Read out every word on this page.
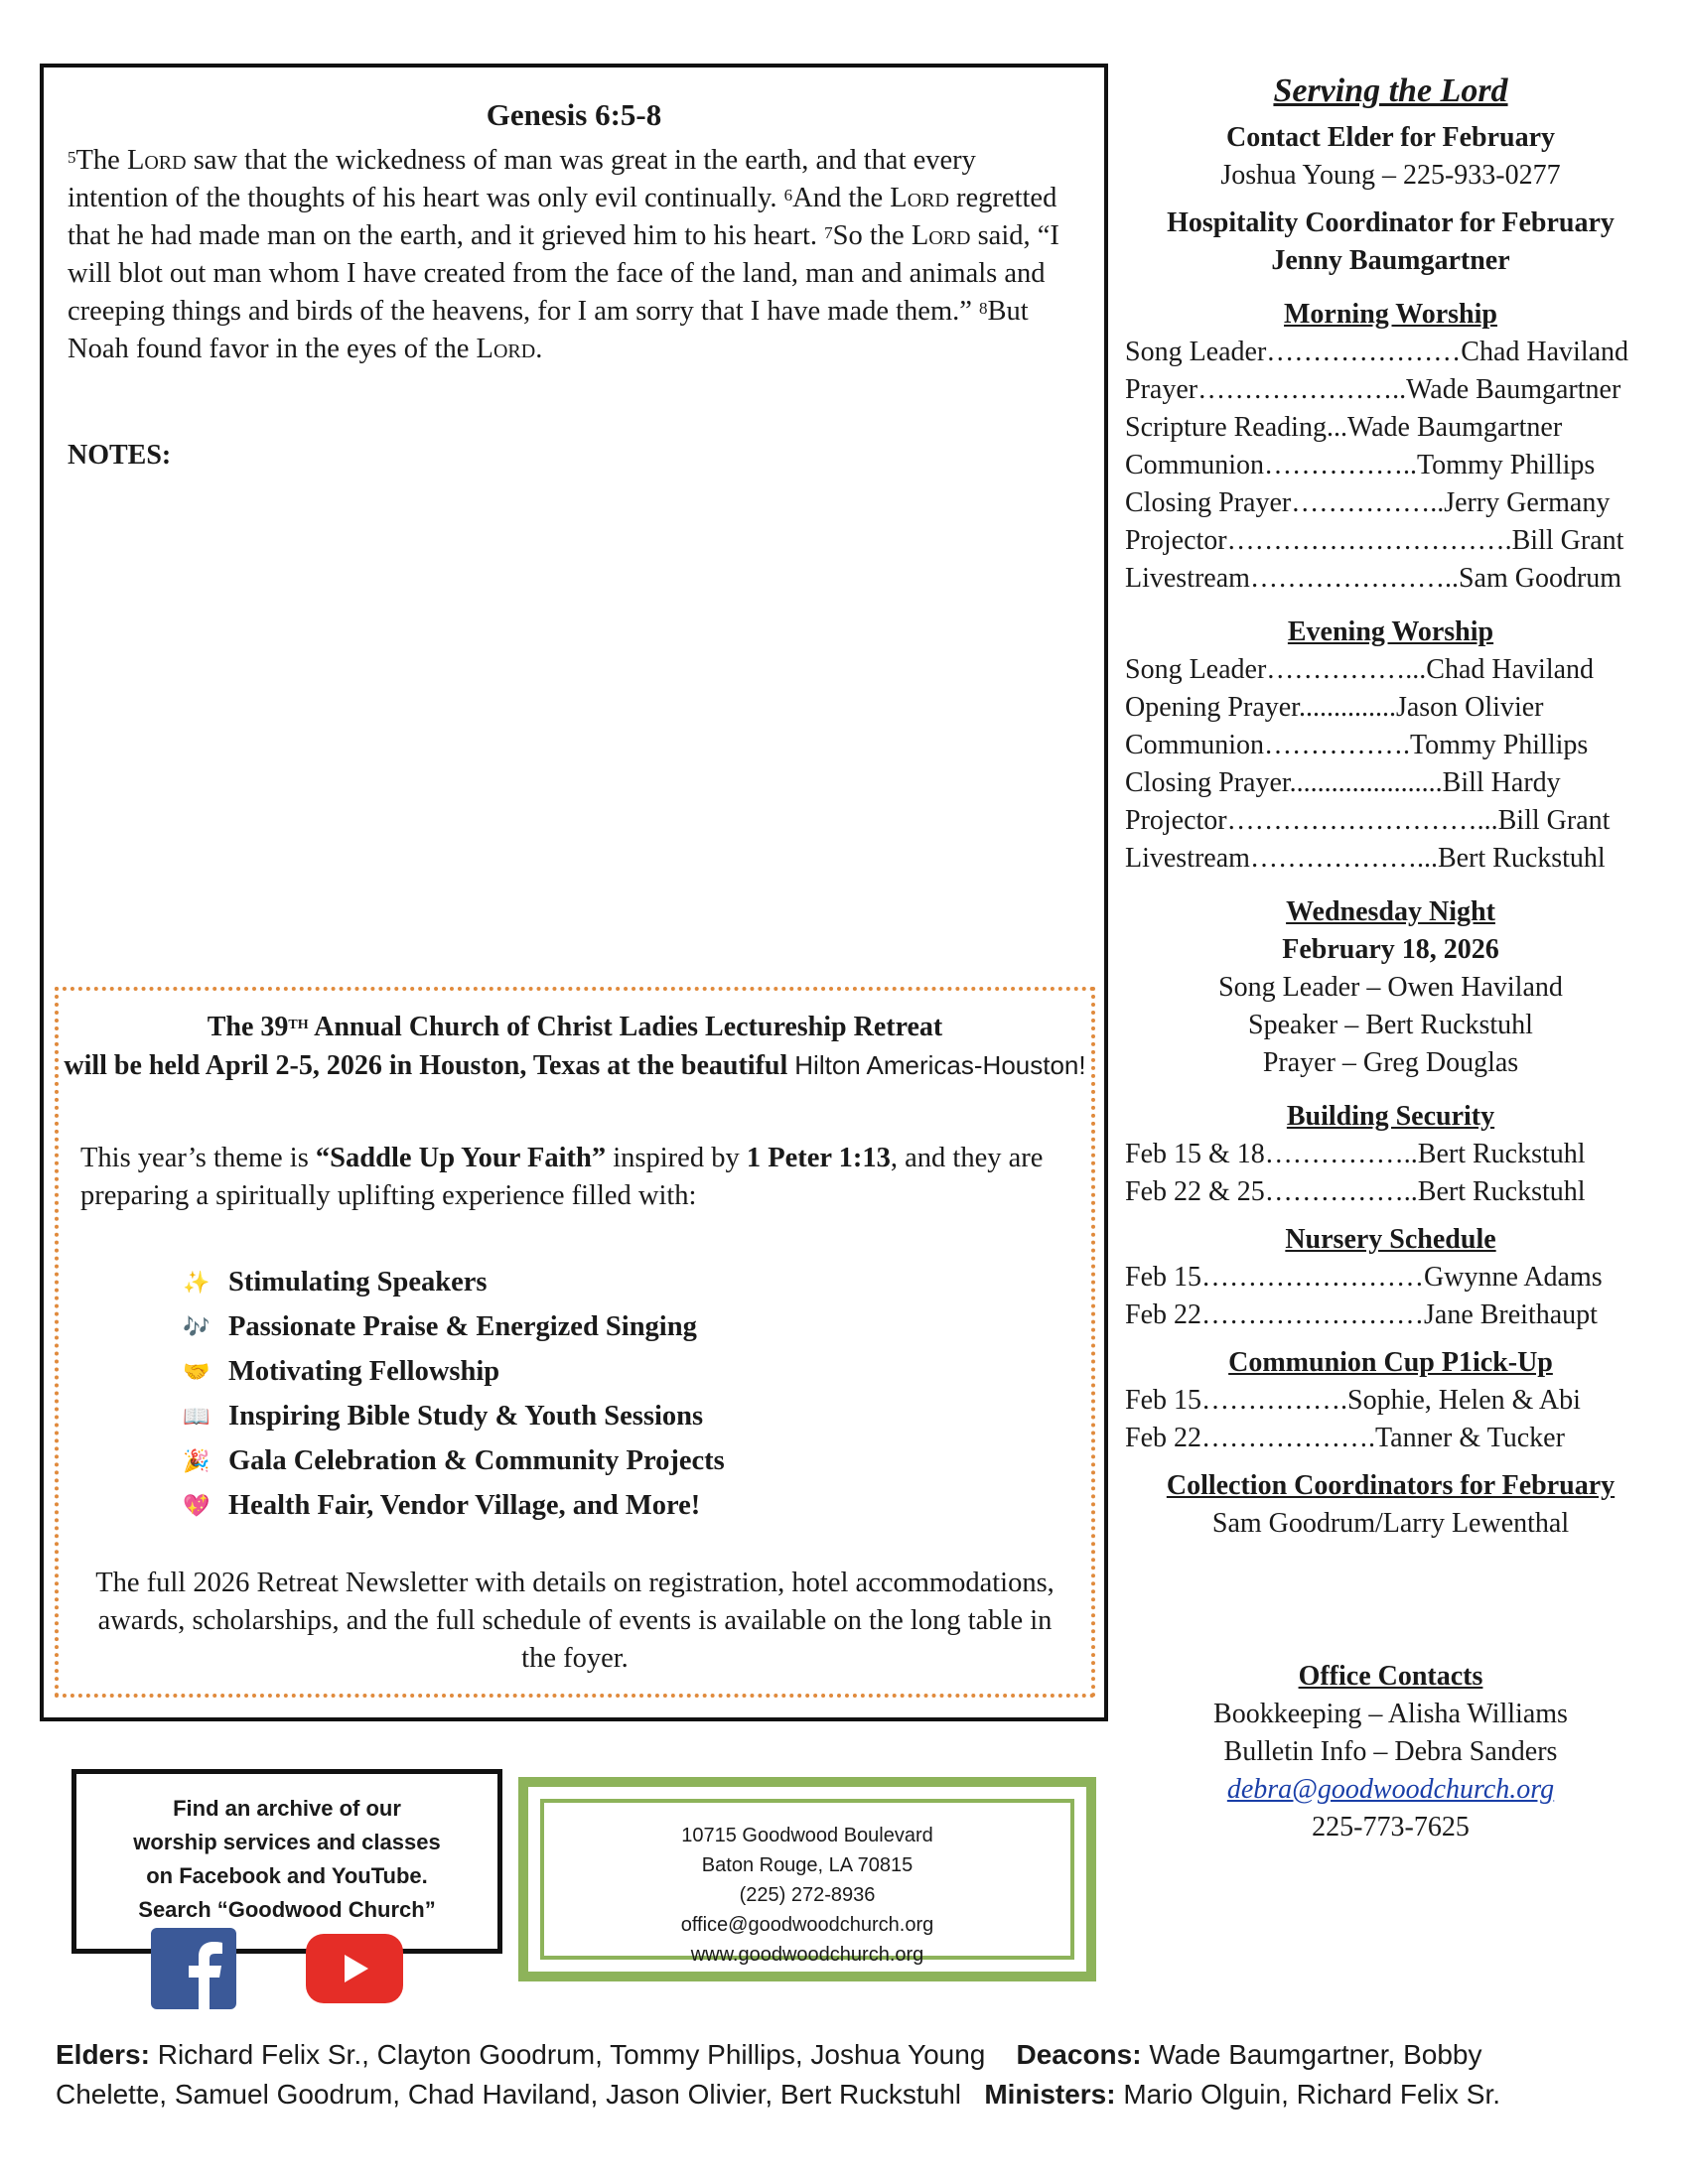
Genesis 6:5-8
$^5$The Lord saw that the wickedness of man was great in the earth, and that every intention of the thoughts of his heart was only evil continually. $^6$And the Lord regretted that he had made man on the earth, and it grieved him to his heart. $^7$So the Lord said, “I will blot out man whom I have created from the face of the land, man and animals and creeping things and birds of the heavens, for I am sorry that I have made them.” $^8$But Noah found favor in the eyes of the Lord.
NOTES:
The 39TH Annual Church of Christ Ladies Lectureship Retreat
will be held April 2-5, 2026 in Houston, Texas at the beautiful Hilton Americas-Houston!
This year’s theme is “Saddle Up Your Faith” inspired by 1 Peter 1:13, and they are preparing a spiritually uplifting experience filled with:
✨ Stimulating Speakers
🎶 Passionate Praise & Energized Singing
🤝 Motivating Fellowship
📖 Inspiring Bible Study & Youth Sessions
🎉 Gala Celebration & Community Projects
💖 Health Fair, Vendor Village, and More!
The full 2026 Retreat Newsletter with details on registration, hotel accommodations, awards, scholarships, and the full schedule of events is available on the long table in the foyer.
Serving the Lord
Contact Elder for February
Joshua Young – 225-933-0277
Hospitality Coordinator for February
Jenny Baumgartner
Morning Worship
Song Leader…………………Chad Haviland
Prayer…………………..Wade Baumgartner
Scripture Reading...Wade Baumgartner
Communion……………..Tommy Phillips
Closing Prayer……………..Jerry Germany
Projector………………………….Bill Grant
Livestream…………………..Sam Goodrum
Evening Worship
Song Leader……………...Chad Haviland
Opening Prayer..............Jason Olivier
Communion…………….Tommy Phillips
Closing Prayer......................Bill Hardy
Projector………………………...Bill Grant
Livestream………………...Bert Ruckstuhl
Wednesday Night
February 18, 2026
Song Leader – Owen Haviland
Speaker – Bert Ruckstuhl
Prayer – Greg Douglas
Building Security
Feb 15 & 18……………..Bert Ruckstuhl
Feb 22 & 25……………..Bert Ruckstuhl
Nursery Schedule
Feb 15……………………Gwynne Adams
Feb 22……………………Jane Breithaupt
Communion Cup P1ick-Up
Feb 15…………….Sophie, Helen & Abi
Feb 22……………….Tanner & Tucker
Collection Coordinators for February
Sam Goodrum/Larry Lewenthal
Office Contacts
Bookkeeping – Alisha Williams
Bulletin Info – Debra Sanders
debra@goodwoodchurch.org
225-773-7625
Find an archive of our
worship services and classes
on Facebook and YouTube.
Search “Goodwood Church”
10715 Goodwood Boulevard
Baton Rouge, LA 70815
(225) 272-8936
office@goodwoodchurch.org
www.goodwoodchurch.org
Elders: Richard Felix Sr., Clayton Goodrum, Tommy Phillips, Joshua Young Deacons: Wade Baumgartner, Bobby
Chelette, Samuel Goodrum, Chad Haviland, Jason Olivier, Bert Ruckstuhl Ministers: Mario Olguin, Richard Felix Sr.
